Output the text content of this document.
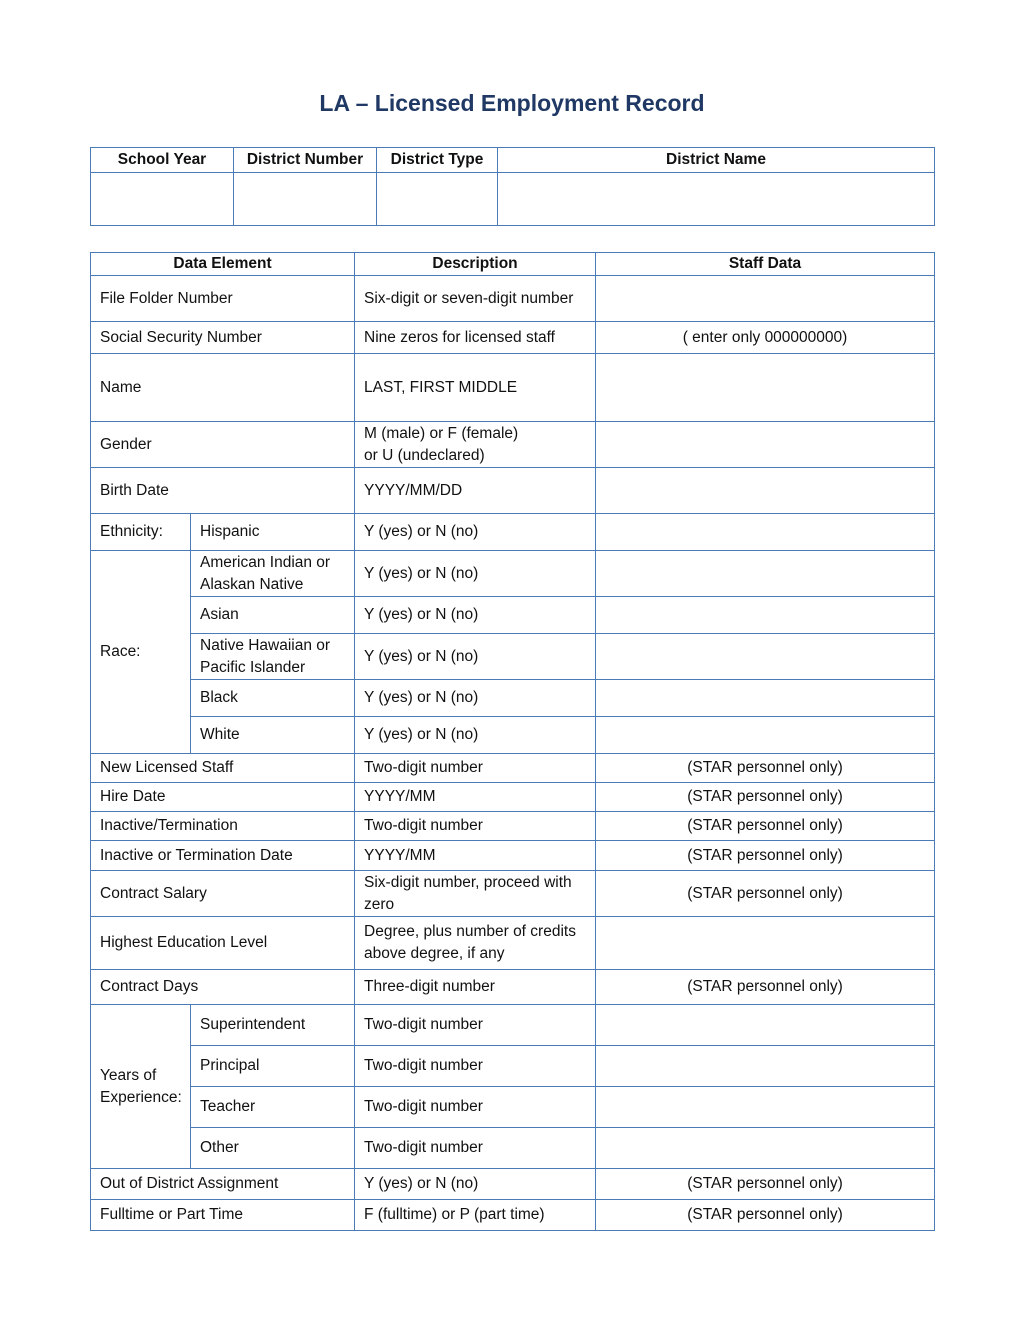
LA – Licensed Employment Record
School Year	District Number	District Type	District Name

Data Element		Description	Staff Data
File Folder Number		Six-digit or seven-digit number	
Social Security Number		Nine zeros for licensed staff	( enter only 000000000)
Name		LAST, FIRST MIDDLE	
Gender		M (male) or F (female)
or U (undeclared)	
Birth Date		YYYY/MM/DD	
Ethnicity:	Hispanic	Y (yes) or N (no)	
Race:	American Indian or Alaskan Native	Y (yes) or N (no)	
	Asian	Y (yes) or N (no)	
	Native Hawaiian or Pacific Islander	Y (yes) or N (no)	
	Black	Y (yes) or N (no)	
	White	Y (yes) or N (no)	
New Licensed Staff		Two-digit number	(STAR personnel only)
Hire Date		YYYY/MM	(STAR personnel only)
Inactive/Termination		Two-digit number	(STAR personnel only)
Inactive or Termination Date		YYYY/MM	(STAR personnel only)
Contract Salary		Six-digit number, proceed with zero	(STAR personnel only)
Highest Education Level		Degree, plus number of credits above degree, if any	
Contract Days		Three-digit number	(STAR personnel only)
Years of Experience:	Superintendent	Two-digit number	
	Principal	Two-digit number	
	Teacher	Two-digit number	
	Other	Two-digit number	
Out of District Assignment		Y (yes) or N (no)	(STAR personnel only)
Fulltime or Part Time		F (fulltime) or P (part time)	(STAR personnel only)
